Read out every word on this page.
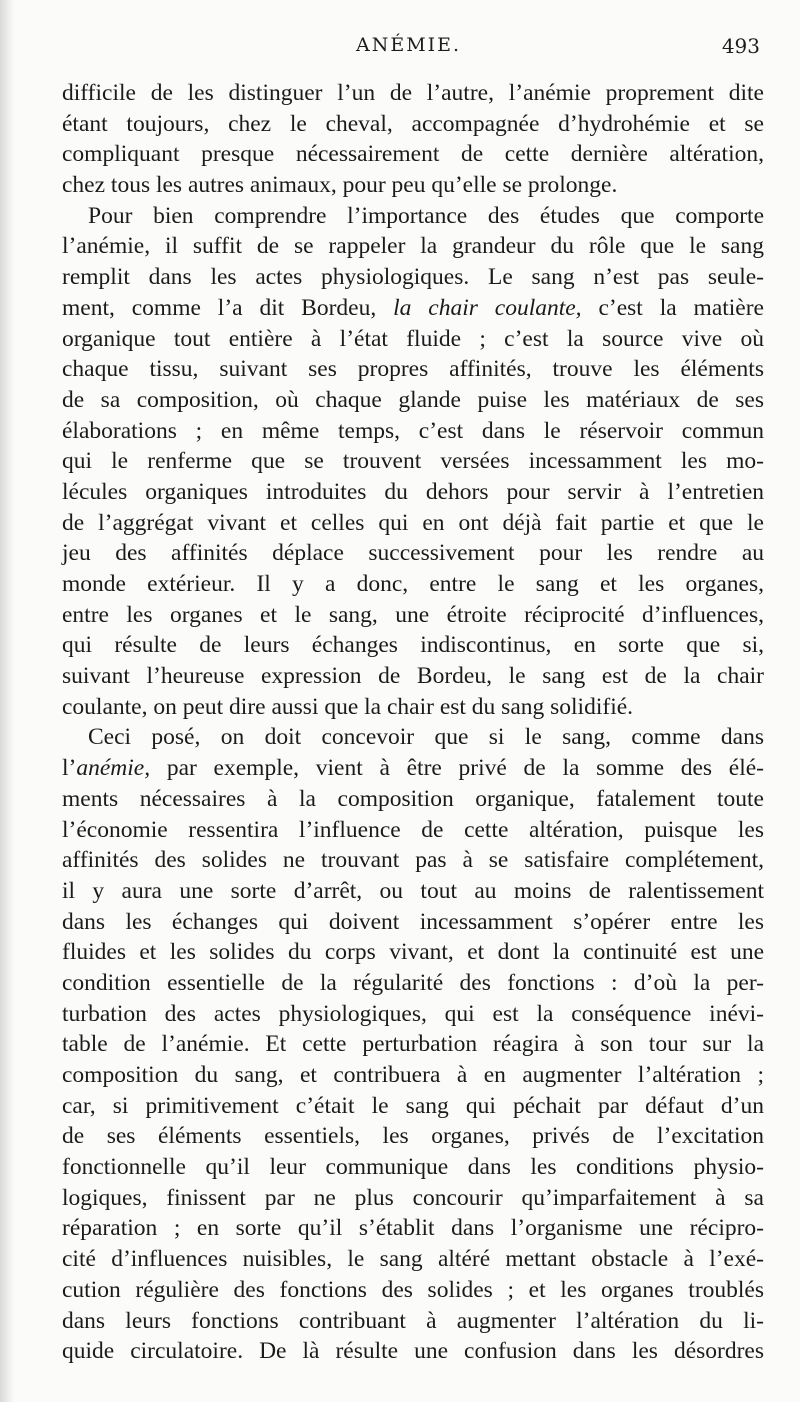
ANÉMIE.	493
difficile de les distinguer l’un de l’autre, l’anémie proprement dite
étant toujours, chez le cheval, accompagnée d’hydrohémie et se
compliquant presque nécessairement de cette dernière altération,
chez tous les autres animaux, pour peu qu’elle se prolonge.
Pour bien comprendre l’importance des études que comporte
l’anémie, il suffit de se rappeler la grandeur du rôle que le sang
remplit dans les actes physiologiques. Le sang n’est pas seule-
ment, comme l’a dit Bordeu, la chair coulante, c’est la matière
organique tout entière à l’état fluide ; c’est la source vive où
chaque tissu, suivant ses propres affinités, trouve les éléments
de sa composition, où chaque glande puise les matériaux de ses
élaborations ; en même temps, c’est dans le réservoir commun
qui le renferme que se trouvent versées incessamment les mo-
lécules organiques introduites du dehors pour servir à l’entretien
de l’aggrégat vivant et celles qui en ont déjà fait partie et que le
jeu des affinités déplace successivement pour les rendre au
monde extérieur. Il y a donc, entre le sang et les organes,
entre les organes et le sang, une étroite réciprocité d’influences,
qui résulte de leurs échanges indiscontinus, en sorte que si,
suivant l’heureuse expression de Bordeu, le sang est de la chair
coulante, on peut dire aussi que la chair est du sang solidifié.
Ceci posé, on doit concevoir que si le sang, comme dans
l’anémie, par exemple, vient à être privé de la somme des élé-
ments nécessaires à la composition organique, fatalement toute
l’économie ressentira l’influence de cette altération, puisque les
affinités des solides ne trouvant pas à se satisfaire complétement,
il y aura une sorte d’arrêt, ou tout au moins de ralentissement
dans les échanges qui doivent incessamment s’opérer entre les
fluides et les solides du corps vivant, et dont la continuité est une
condition essentielle de la régularité des fonctions : d’où la per-
turbation des actes physiologiques, qui est la conséquence inévi-
table de l’anémie. Et cette perturbation réagira à son tour sur la
composition du sang, et contribuera à en augmenter l’altération ;
car, si primitivement c’était le sang qui péchait par défaut d’un
de ses éléments essentiels, les organes, privés de l’excitation
fonctionnelle qu’il leur communique dans les conditions physio-
logiques, finissent par ne plus concourir qu’imparfaitement à sa
réparation ; en sorte qu’il s’établit dans l’organisme une récipro-
cité d’influences nuisibles, le sang altéré mettant obstacle à l’exé-
cution régulière des fonctions des solides ; et les organes troublés
dans leurs fonctions contribuant à augmenter l’altération du li-
quide circulatoire. De là résulte une confusion dans les désordres
